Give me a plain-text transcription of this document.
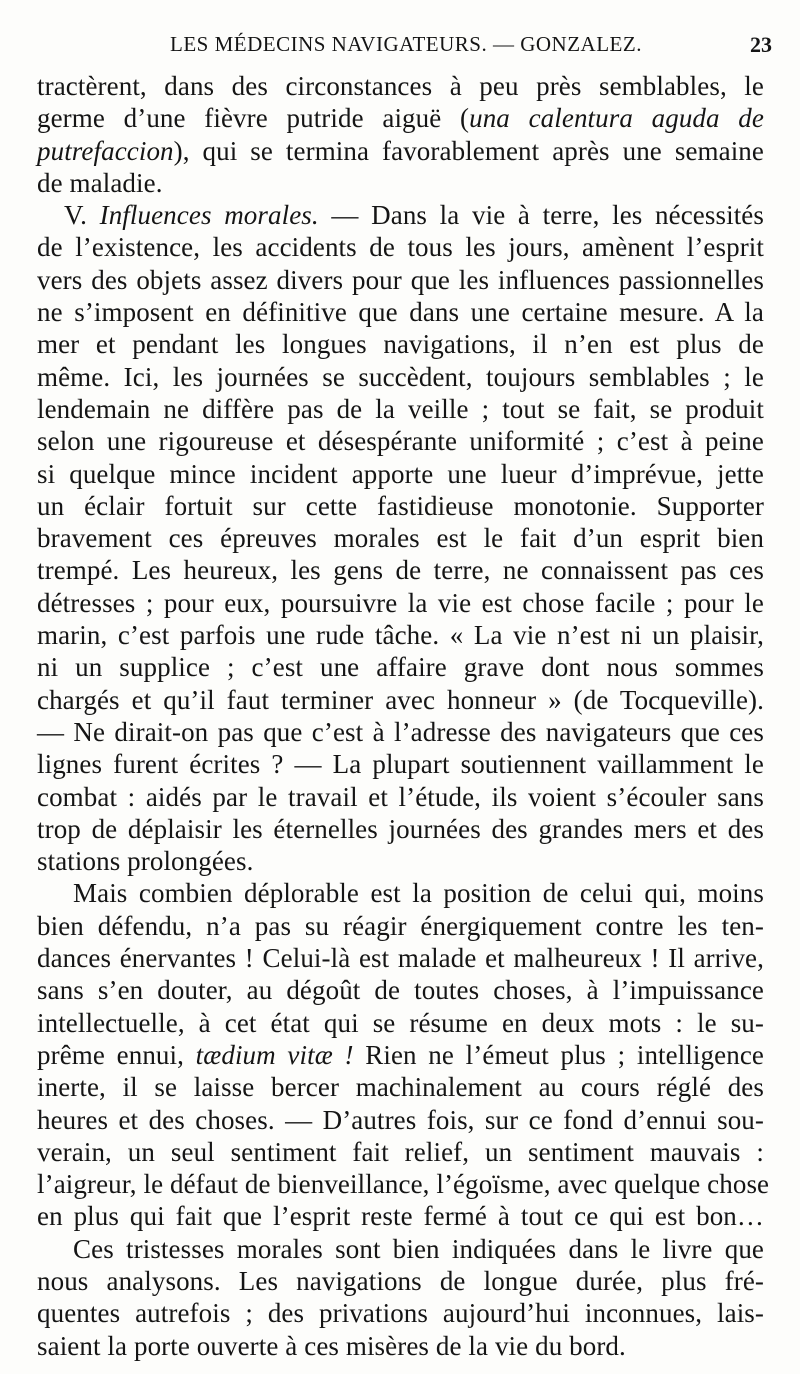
LES MÉDECINS NAVIGATEURS. — GONZALEZ.	23
tractèrent, dans des circonstances à peu près semblables, le
germe d’une fièvre putride aiguë (una calentura aguda de
putrefaccion), qui se termina favorablement après une semaine
de maladie.
V. Influences morales. — Dans la vie à terre, les nécessités
de l’existence, les accidents de tous les jours, amènent l’esprit
vers des objets assez divers pour que les influences passionnelles
ne s’imposent en définitive que dans une certaine mesure. A la
mer et pendant les longues navigations, il n’en est plus de
même. Ici, les journées se succèdent, toujours semblables ; le
lendemain ne diffère pas de la veille ; tout se fait, se produit
selon une rigoureuse et désespérante uniformité ; c’est à peine
si quelque mince incident apporte une lueur d’imprévue, jette
un éclair fortuit sur cette fastidieuse monotonie. Supporter
bravement ces épreuves morales est le fait d’un esprit bien
trempé. Les heureux, les gens de terre, ne connaissent pas ces
détresses ; pour eux, poursuivre la vie est chose facile ; pour le
marin, c’est parfois une rude tâche. « La vie n’est ni un plaisir,
ni un supplice ; c’est une affaire grave dont nous sommes
chargés et qu’il faut terminer avec honneur » (de Tocqueville).
— Ne dirait-on pas que c’est à l’adresse des navigateurs que ces
lignes furent écrites ? — La plupart soutiennent vaillamment le
combat : aidés par le travail et l’étude, ils voient s’écouler sans
trop de déplaisir les éternelles journées des grandes mers et des
stations prolongées.
Mais combien déplorable est la position de celui qui, moins
bien défendu, n’a pas su réagir énergiquement contre les ten-
dances énervantes ! Celui-là est malade et malheureux ! Il arrive,
sans s’en douter, au dégoût de toutes choses, à l’impuissance
intellectuelle, à cet état qui se résume en deux mots : le su-
prême ennui, tædium vitæ ! Rien ne l’émeut plus ; intelligence
inerte, il se laisse bercer machinalement au cours réglé des
heures et des choses. — D’autres fois, sur ce fond d’ennui sou-
verain, un seul sentiment fait relief, un sentiment mauvais :
l’aigreur, le défaut de bienveillance, l’égoïsme, avec quelque chose
en plus qui fait que l’esprit reste fermé à tout ce qui est bon…
Ces tristesses morales sont bien indiquées dans le livre que
nous analysons. Les navigations de longue durée, plus fré-
quentes autrefois ; des privations aujourd’hui inconnues, lais-
saient la porte ouverte à ces misères de la vie du bord.
